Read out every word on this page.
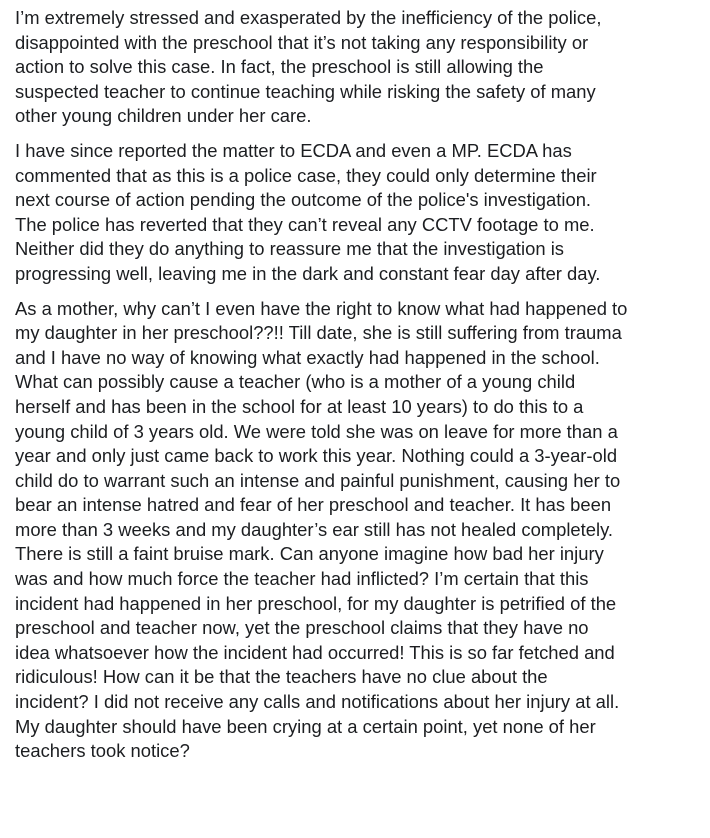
I’m extremely stressed and exasperated by the inefficiency of the police,
disappointed with the preschool that it’s not taking any responsibility or
action to solve this case. In fact, the preschool is still allowing the
suspected teacher to continue teaching while risking the safety of many
other young children under her care.

I have since reported the matter to ECDA and even a MP. ECDA has
commented that as this is a police case, they could only determine their
next course of action pending the outcome of the police's investigation.
The police has reverted that they can’t reveal any CCTV footage to me.
Neither did they do anything to reassure me that the investigation is
progressing well, leaving me in the dark and constant fear day after day.

As a mother, why can’t I even have the right to know what had happened to
my daughter in her preschool??!! Till date, she is still suffering from trauma
and I have no way of knowing what exactly had happened in the school.
What can possibly cause a teacher (who is a mother of a young child
herself and has been in the school for at least 10 years) to do this to a
young child of 3 years old. We were told she was on leave for more than a
year and only just came back to work this year. Nothing could a 3-year-old
child do to warrant such an intense and painful punishment, causing her to
bear an intense hatred and fear of her preschool and teacher. It has been
more than 3 weeks and my daughter’s ear still has not healed completely.
There is still a faint bruise mark. Can anyone imagine how bad her injury
was and how much force the teacher had inflicted? I’m certain that this
incident had happened in her preschool, for my daughter is petrified of the
preschool and teacher now, yet the preschool claims that they have no
idea whatsoever how the incident had occurred! This is so far fetched and
ridiculous! How can it be that the teachers have no clue about the
incident? I did not receive any calls and notifications about her injury at all.
My daughter should have been crying at a certain point, yet none of her
teachers took notice?
